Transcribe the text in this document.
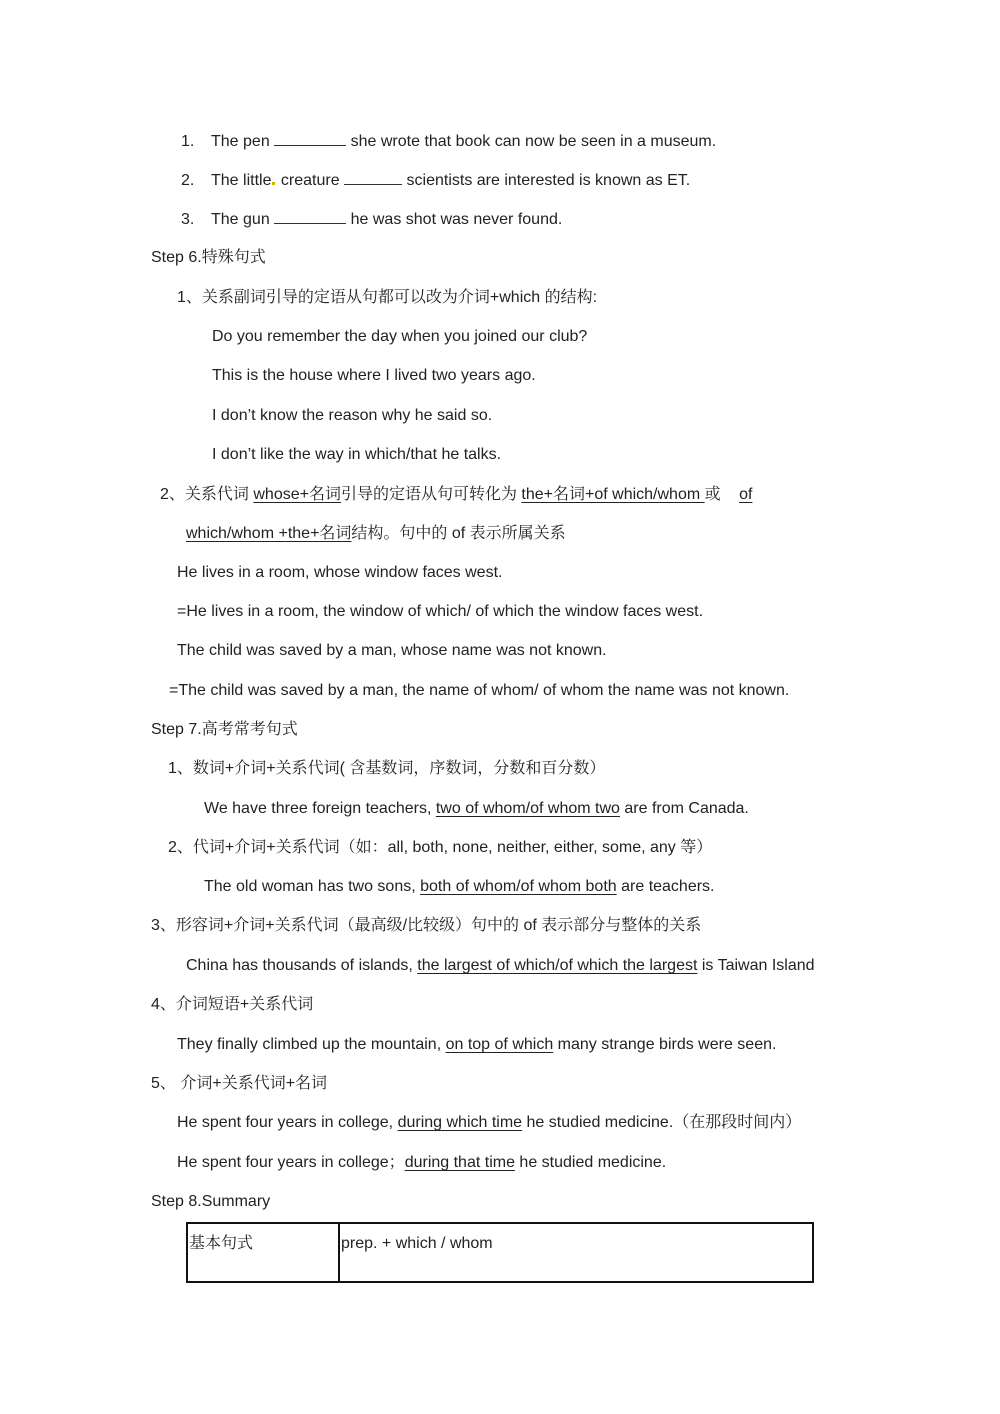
1. The pen	she wrote that book can now be seen in a museum.
2. The little creature	scientists are interested is known as ET.
3. The gun	he was shot was never found.
Step 6.特殊句式
1、关系副词引导的定语从句都可以改为介词+which 的结构:
Do you remember the day when you joined our club?
This is the house where I lived two years ago.
I don’t know the reason why he said so.
I don’t like the way in which/that he talks.
2、关系代词 whose+名词引导的定语从句可转化为 the+名词+of which/whom 或 of
which/whom +the+名词结构。句中的 of 表示所属关系
He lives in a room, whose window faces west.
=He lives in a room, the window of which/ of which the window faces west.
The child was saved by a man, whose name was not known.
=The child was saved by a man, the name of whom/ of whom the name was not known.
Step 7.高考常考句式
1、数词+介词+关系代词( 含基数词，序数词，分数和百分数）
We have three foreign teachers, two of whom/of whom two are from Canada.
2、代词+介词+关系代词（如：all, both, none, neither, either, some, any 等）
The old woman has two sons, both of whom/of whom both are teachers.
3、形容词+介词+关系代词（最高级/比较级）句中的 of 表示部分与整体的关系
China has thousands of islands, the largest of which/of which the largest is Taiwan Island
4、介词短语+关系代词
They finally climbed up the mountain, on top of which many strange birds were seen.
5、 介词+关系代词+名词
He spent four years in college, during which time he studied medicine.（在那段时间内）
He spent four years in college；during that time he studied medicine.
Step 8.Summary
基本句式	prep. + which / whom
